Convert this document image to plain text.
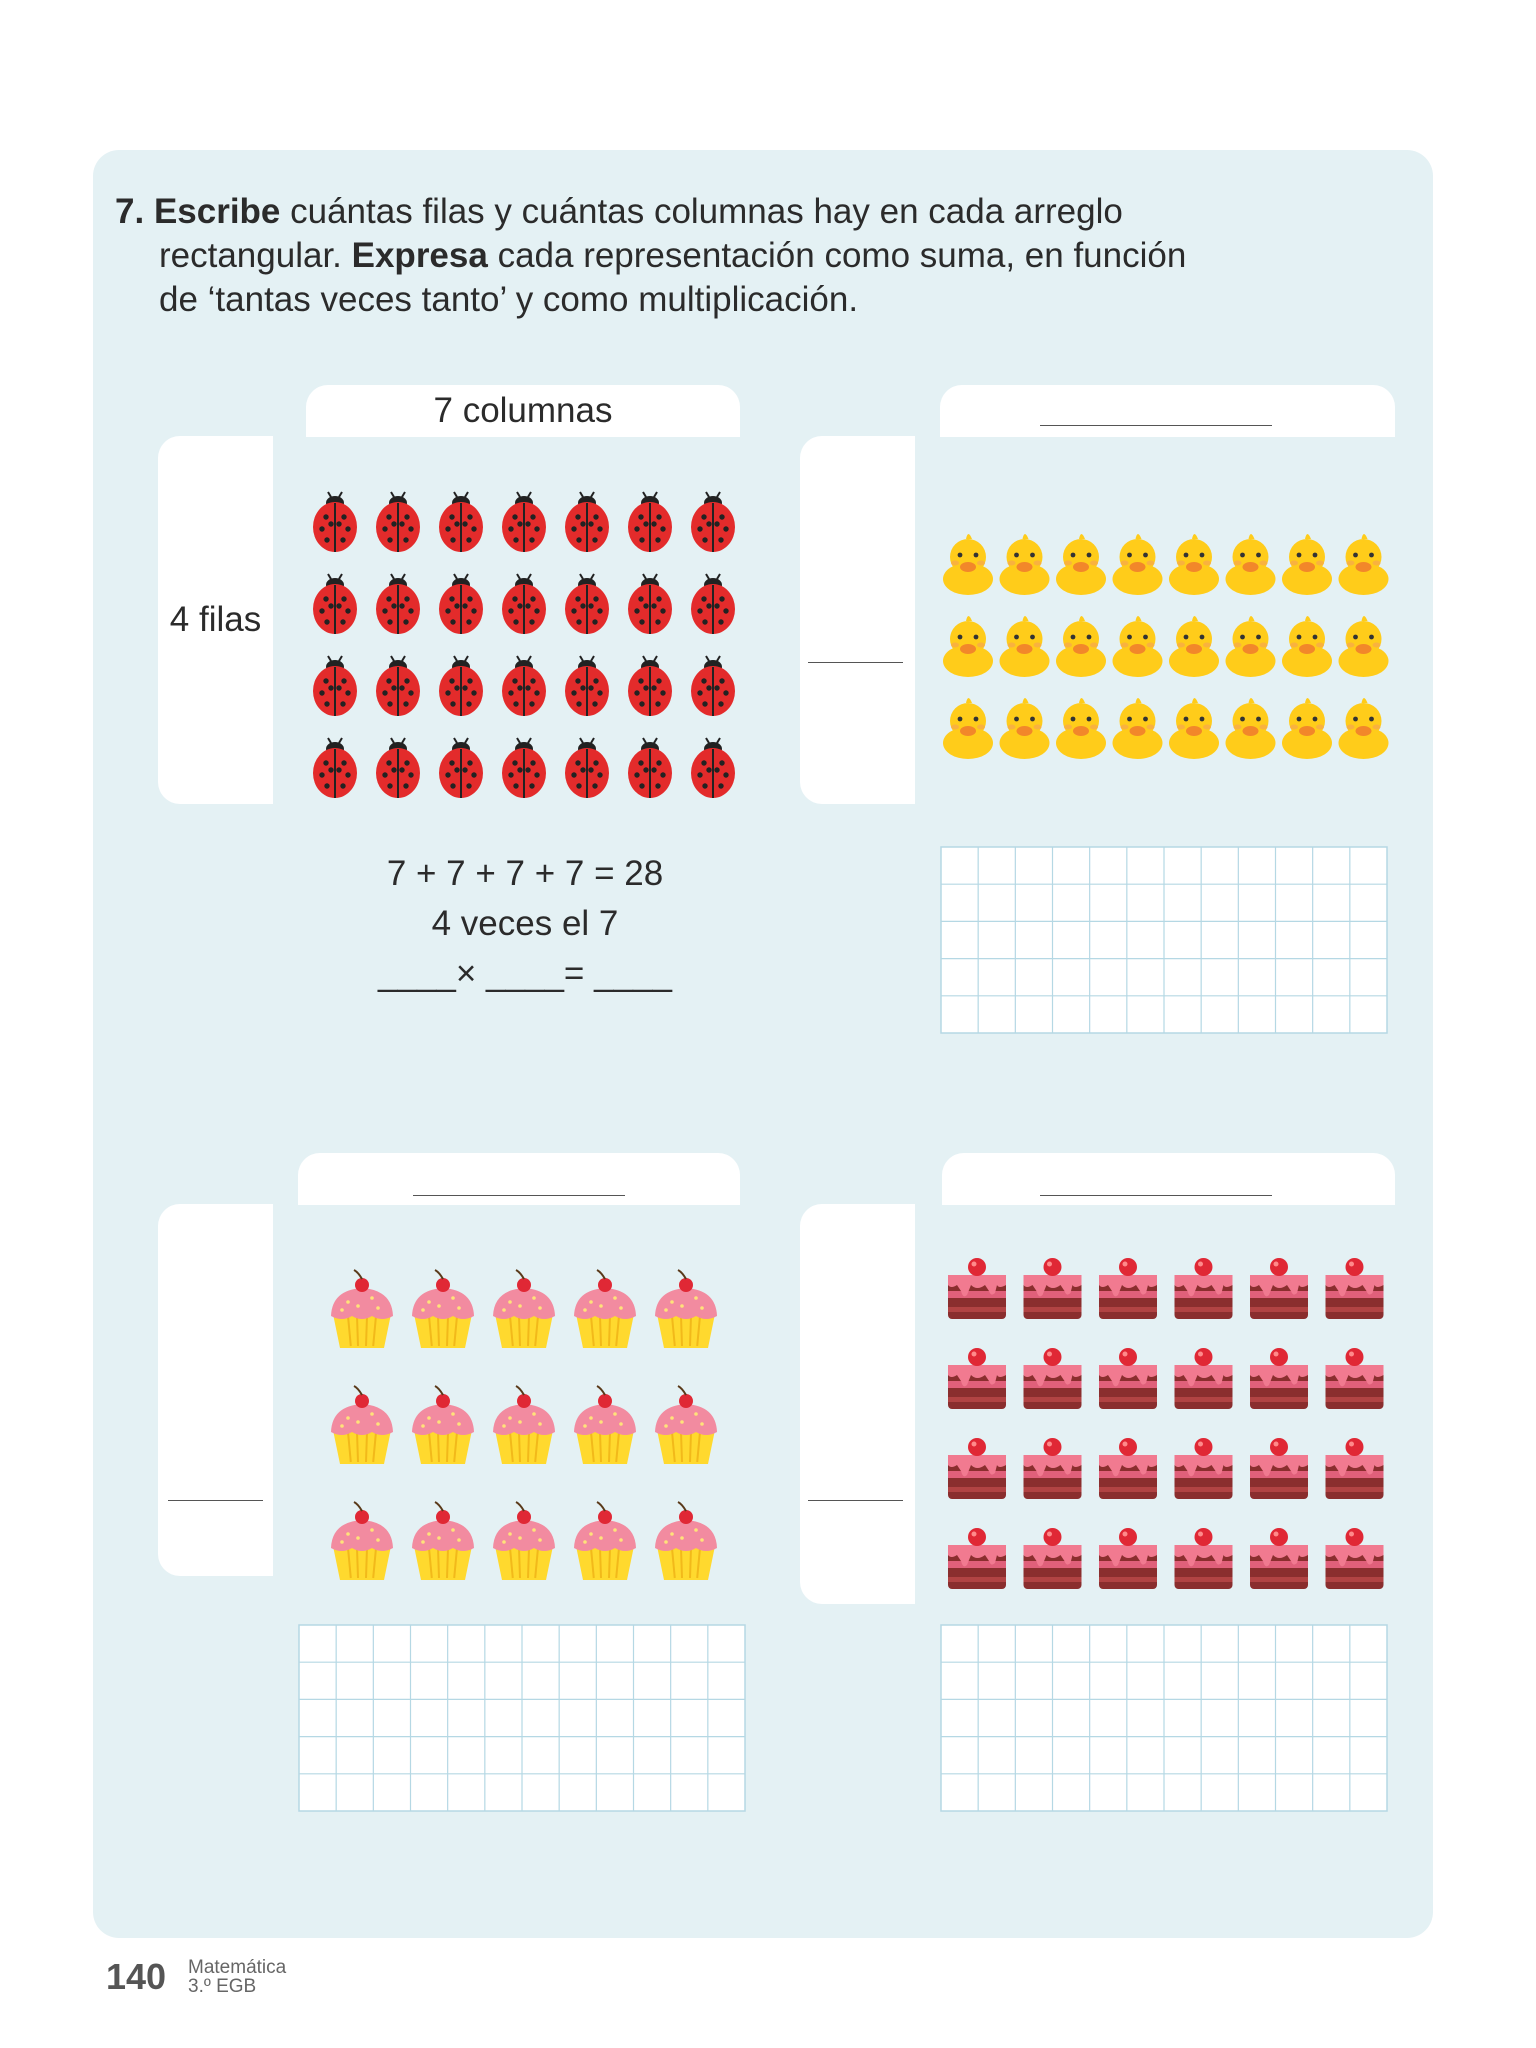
7. Escribe cuántas filas y cuántas columnas hay en cada arreglo
rectangular. Expresa cada representación como suma, en función
de ‘tantas veces tanto’ y como multiplicación.
7 columnas
4 filas
7 + 7 + 7 + 7 = 28
4 veces el 7
____× ____= ____
140 Matemática
3.º EGB
